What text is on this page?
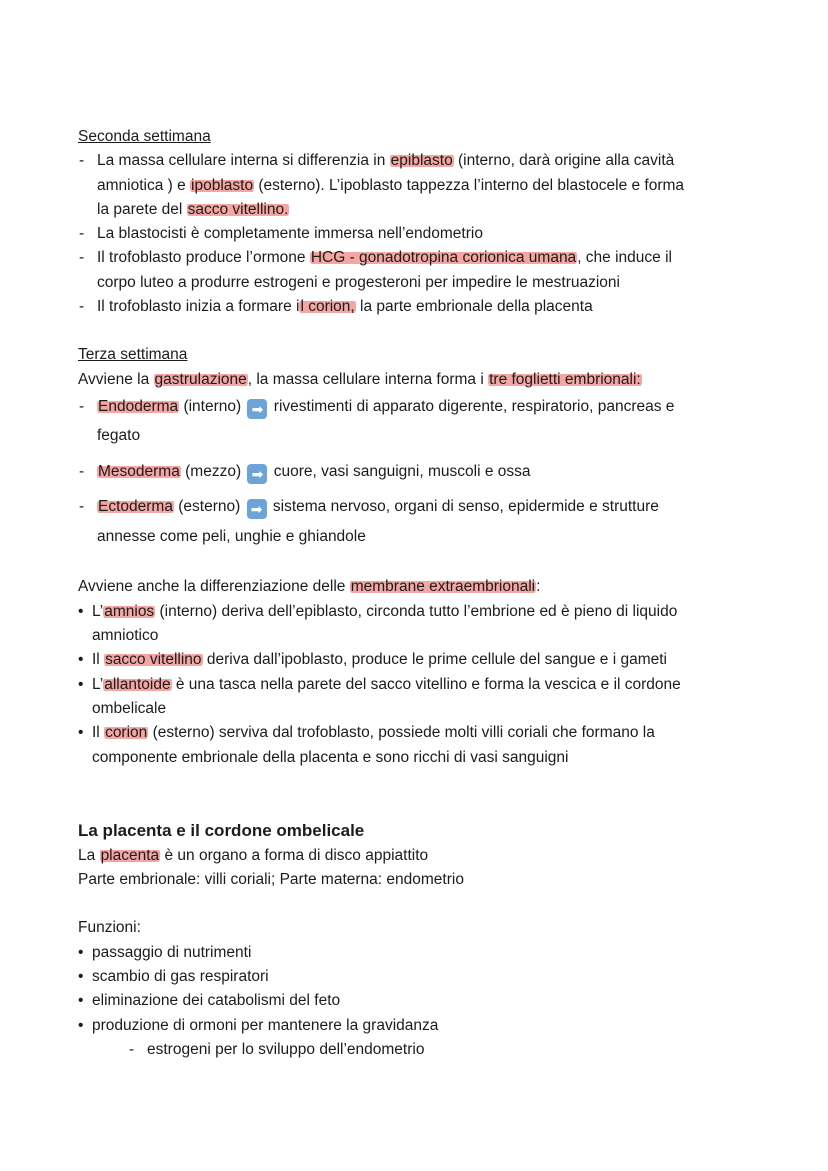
Seconda settimana
- La massa cellulare interna si differenzia in epiblasto (interno, darà origine alla cavità
amniotica ) e ipoblasto (esterno). L’ipoblasto tappezza l’interno del blastocele e forma
la parete del sacco vitellino.
- La blastocisti è completamente immersa nell’endometrio
- Il trofoblasto produce l’ormone HCG - gonadotropina corionica umana, che induce il
corpo luteo a produrre estrogeni e progesteroni per impedire le mestruazioni
- Il trofoblasto inizia a formare il corion, la parte embrionale della placenta
Terza settimana
Avviene la gastrulazione, la massa cellulare interna forma i tre foglietti embrionali:
- Endoderma (interno) ➡ rivestimenti di apparato digerente, respiratorio, pancreas e
fegato
- Mesoderma (mezzo) ➡ cuore, vasi sanguigni, muscoli e ossa
- Ectoderma (esterno) ➡ sistema nervoso, organi di senso, epidermide e strutture
annesse come peli, unghie e ghiandole
Avviene anche la differenziazione delle membrane extraembrionali:
• L’amnios (interno) deriva dell’epiblasto, circonda tutto l’embrione ed è pieno di liquido
amniotico
• Il sacco vitellino deriva dall’ipoblasto, produce le prime cellule del sangue e i gameti
• L’allantoide è una tasca nella parete del sacco vitellino e forma la vescica e il cordone
ombelicale
• Il corion (esterno) serviva dal trofoblasto, possiede molti villi coriali che formano la
componente embrionale della placenta e sono ricchi di vasi sanguigni
La placenta e il cordone ombelicale
La placenta è un organo a forma di disco appiattito
Parte embrionale: villi coriali; Parte materna: endometrio
Funzioni:
• passaggio di nutrimenti
• scambio di gas respiratori
• eliminazione dei catabolismi del feto
• produzione di ormoni per mantenere la gravidanza
- estrogeni per lo sviluppo dell’endometrio
